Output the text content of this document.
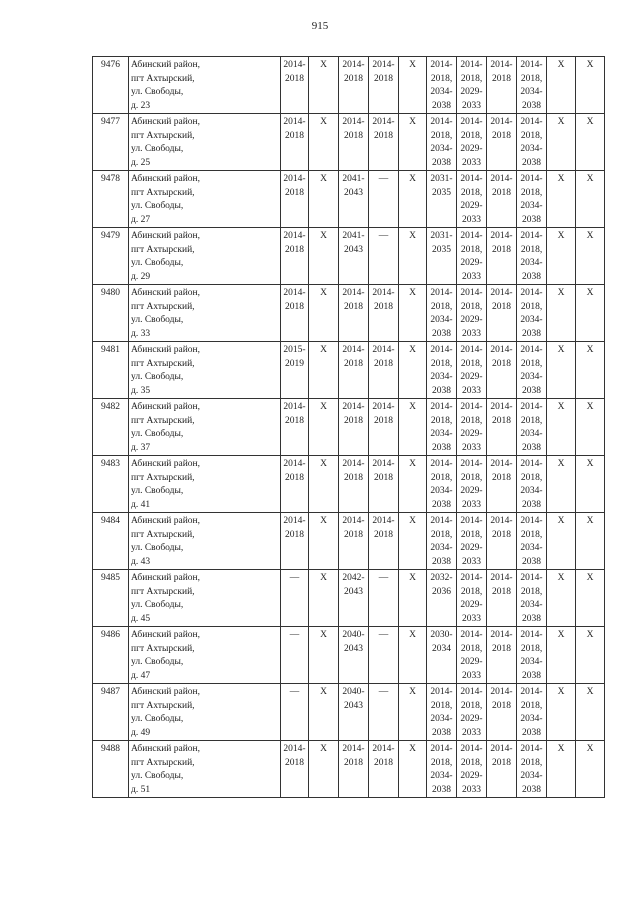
915
9476	Абинский район,
пгт Ахтырский,
ул. Свободы,
д. 23	2014-
2018	Х	2014-
2018	2014-
2018	Х	2014-
2018,
2034-
2038	2014-
2018,
2029-
2033	2014-
2018	2014-
2018,
2034-
2038	Х	Х
9477	Абинский район,
пгт Ахтырский,
ул. Свободы,
д. 25	2014-
2018	Х	2014-
2018	2014-
2018	Х	2014-
2018,
2034-
2038	2014-
2018,
2029-
2033	2014-
2018	2014-
2018,
2034-
2038	Х	Х
9478	Абинский район,
пгт Ахтырский,
ул. Свободы,
д. 27	2014-
2018	Х	2041-
2043	—	Х	2031-
2035	2014-
2018,
2029-
2033	2014-
2018	2014-
2018,
2034-
2038	Х	Х
9479	Абинский район,
пгт Ахтырский,
ул. Свободы,
д. 29	2014-
2018	Х	2041-
2043	—	Х	2031-
2035	2014-
2018,
2029-
2033	2014-
2018	2014-
2018,
2034-
2038	Х	Х
9480	Абинский район,
пгт Ахтырский,
ул. Свободы,
д. 33	2014-
2018	Х	2014-
2018	2014-
2018	Х	2014-
2018,
2034-
2038	2014-
2018,
2029-
2033	2014-
2018	2014-
2018,
2034-
2038	Х	Х
9481	Абинский район,
пгт Ахтырский,
ул. Свободы,
д. 35	2015-
2019	Х	2014-
2018	2014-
2018	Х	2014-
2018,
2034-
2038	2014-
2018,
2029-
2033	2014-
2018	2014-
2018,
2034-
2038	Х	Х
9482	Абинский район,
пгт Ахтырский,
ул. Свободы,
д. 37	2014-
2018	Х	2014-
2018	2014-
2018	Х	2014-
2018,
2034-
2038	2014-
2018,
2029-
2033	2014-
2018	2014-
2018,
2034-
2038	Х	Х
9483	Абинский район,
пгт Ахтырский,
ул. Свободы,
д. 41	2014-
2018	Х	2014-
2018	2014-
2018	Х	2014-
2018,
2034-
2038	2014-
2018,
2029-
2033	2014-
2018	2014-
2018,
2034-
2038	Х	Х
9484	Абинский район,
пгт Ахтырский,
ул. Свободы,
д. 43	2014-
2018	Х	2014-
2018	2014-
2018	Х	2014-
2018,
2034-
2038	2014-
2018,
2029-
2033	2014-
2018	2014-
2018,
2034-
2038	Х	Х
9485	Абинский район,
пгт Ахтырский,
ул. Свободы,
д. 45	—	Х	2042-
2043	—	Х	2032-
2036	2014-
2018,
2029-
2033	2014-
2018	2014-
2018,
2034-
2038	Х	Х
9486	Абинский район,
пгт Ахтырский,
ул. Свободы,
д. 47	—	Х	2040-
2043	—	Х	2030-
2034	2014-
2018,
2029-
2033	2014-
2018	2014-
2018,
2034-
2038	Х	Х
9487	Абинский район,
пгт Ахтырский,
ул. Свободы,
д. 49	—	Х	2040-
2043	—	Х	2014-
2018,
2034-
2038	2014-
2018,
2029-
2033	2014-
2018	2014-
2018,
2034-
2038	Х	Х
9488	Абинский район,
пгт Ахтырский,
ул. Свободы,
д. 51	2014-
2018	Х	2014-
2018	2014-
2018	Х	2014-
2018,
2034-
2038	2014-
2018,
2029-
2033	2014-
2018	2014-
2018,
2034-
2038	Х	Х
